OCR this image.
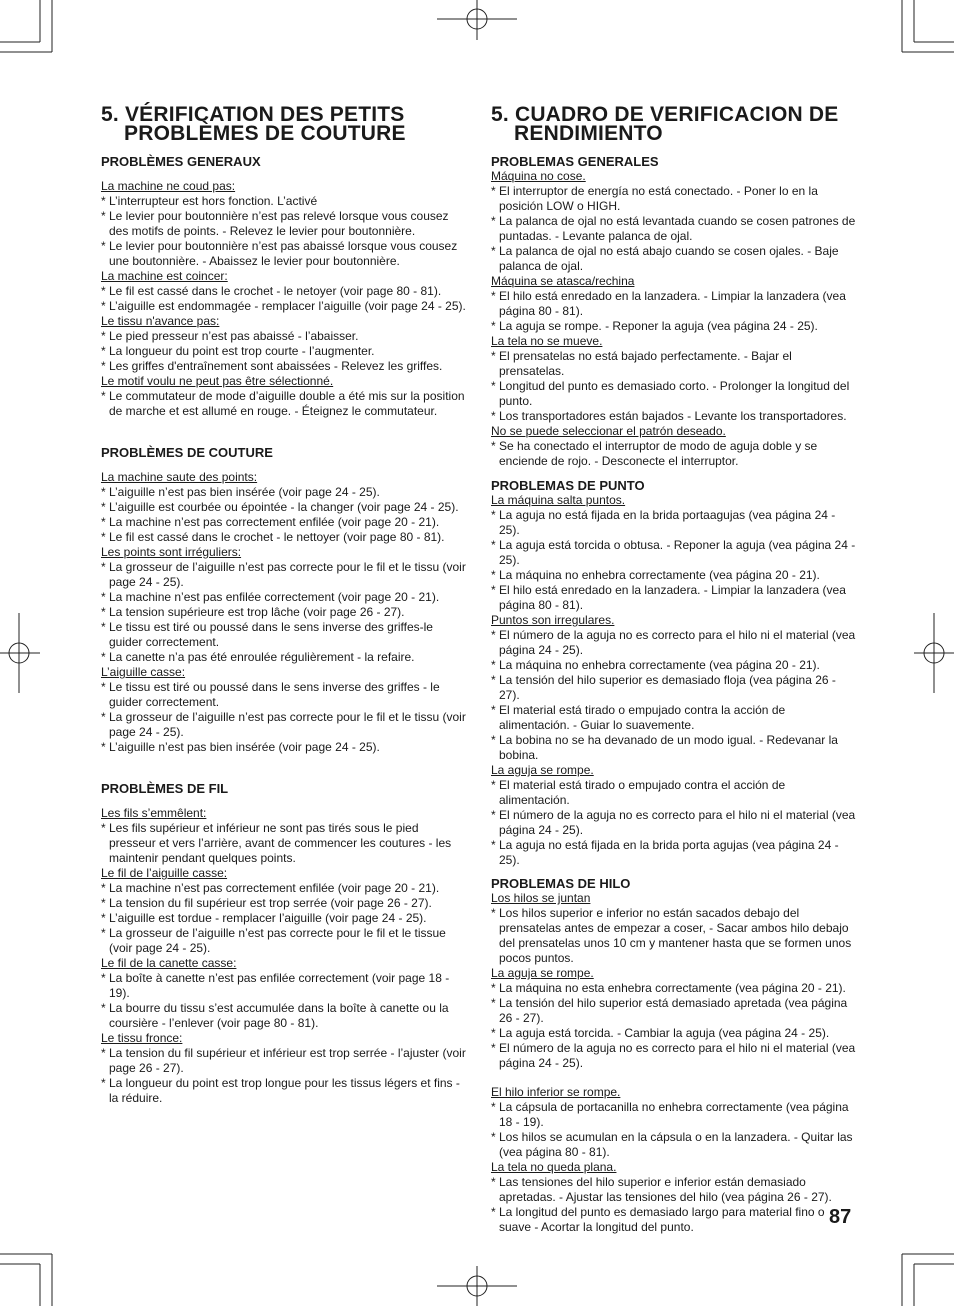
5. VÉRIFICATION DES PETITS
PROBLÈMES DE COUTURE
PROBLÈMES GENERAUX
La machine ne coud pas:
* L’interrupteur est hors fonction. L’activé
* Le levier pour boutonnière n’est pas relevé lorsque vous cousez des motifs de points. - Relevez le levier pour boutonnière.
* Le levier pour boutonnière n’est pas abaissé lorsque vous cousez une boutonnière. - Abaissez le levier pour boutonnière.
La machine est coincer:
* Le fil est cassé dans le crochet - le netoyer (voir page 80 - 81).
* L’aiguille est endommagée - remplacer l’aiguille (voir page 24 - 25).
Le tissu n'avance pas:
* Le pied presseur n’est pas abaissé - l’abaisser.
* La longueur du point est trop courte - l’augmenter.
* Les griffes d'entraînement sont abaissées - Relevez les griffes.
Le motif voulu ne peut pas être sélectionné.
* Le commutateur de mode d’aiguille double a été mis sur la position de marche et est allumé en rouge. - Éteignez le commutateur.
PROBLÈMES DE COUTURE
La machine saute des points:
* L’aiguille n’est pas bien insérée (voir page 24 - 25).
* L’aiguille est courbée ou épointée - la changer (voir page 24 - 25).
* La machine n’est pas correctement enfilée (voir page 20 - 21).
* Le fil est cassé dans le crochet - le nettoyer (voir page 80 - 81).
Les points sont irréguliers:
* La grosseur de l’aiguille n’est pas correcte pour le fil et le tissu (voir page 24 - 25).
* La machine n’est pas enfilée correctement (voir page 20 - 21).
* La tension supérieure est trop lâche (voir page 26 - 27).
* Le tissu est tiré ou poussé dans le sens inverse des griffes-le guider correctement.
* La canette n’a pas été enroulée régulièrement - la refaire.
L’aiguille casse:
* Le tissu est tiré ou poussé dans le sens inverse des griffes - le guider correctement.
* La grosseur de l’aiguille n’est pas correcte pour le fil et le tissu (voir page 24 - 25).
* L’aiguille n’est pas bien insérée (voir page 24 - 25).
PROBLÈMES DE FIL
Les fils s’emmêlent:
* Les fils supérieur et inférieur ne sont pas tirés sous le pied presseur et vers l’arrière, avant de commencer les coutures - les maintenir pendant quelques points.
Le fil de l’aiguille casse:
* La machine n’est pas correctement enfilée (voir page 20 - 21).
* La tension du fil supérieur est trop serrée (voir page 26 - 27).
* L’aiguille est tordue - remplacer l’aiguille (voir page 24 - 25).
* La grosseur de l’aiguille n’est pas correcte pour le fil et le tissue (voir page 24 - 25).
Le fil de la canette casse:
* La boîte à canette n’est pas enfilée correctement (voir page 18 - 19).
* La bourre du tissu s’est accumulée dans la boîte à canette ou la coursière - l’enlever (voir page 80 - 81).
Le tissu fronce:
* La tension du fil supérieur et inférieur est trop serrée - l’ajuster (voir page 26 - 27).
* La longueur du point est trop longue pour les tissus légers et fins - la réduire.
5. CUADRO DE VERIFICACION DE
RENDIMIENTO
PROBLEMAS GENERALES
Máquina no cose.
* El interruptor de energía no está conectado. - Poner lo en la posición LOW o HIGH.
* La palanca de ojal no está levantada cuando se cosen patrones de puntadas. - Levante palanca de ojal.
* La palanca de ojal no está abajo cuando se cosen ojales. - Baje palanca de ojal.
Máquina se atasca/rechina
* El hilo está enredado en la lanzadera. - Limpiar la lanzadera (vea página 80 - 81).
* La aguja se rompe. - Reponer la aguja (vea página 24 - 25).
La tela no se mueve.
* El prensatelas no está bajado perfectamente. - Bajar el prensatelas.
* Longitud del punto es demasiado corto. - Prolonger la longitud del punto.
* Los transportadores están bajados - Levante los transportadores.
No se puede seleccionar el patrón deseado.
* Se ha conectado el interruptor de modo de aguja doble y se enciende de rojo. - Desconecte el interruptor.
PROBLEMAS DE PUNTO
La máquina salta puntos.
* La aguja no está fijada en la brida portaagujas (vea página 24 - 25).
* La aguja está torcida o obtusa. - Reponer la aguja (vea página 24 - 25).
* La máquina no enhebra correctamente (vea página 20 - 21).
* El hilo está enredado en la lanzadera. - Limpiar la lanzadera (vea página 80 - 81).
Puntos son irregulares.
* El número de la aguja no es correcto para el hilo ni el material (vea página 24 - 25).
* La máquina no enhebra correctamente (vea página 20 - 21).
* La tensión del hilo superior es demasiado floja (vea página 26 - 27).
* El material está tirado o empujado contra la acción de alimentación. - Guiar lo suavemente.
* La bobina no se ha devanado de un modo igual. - Redevanar la bobina.
La aguja se rompe.
* El material está tirado o empujado contra el acción de alimentación.
* El número de la aguja no es correcto para el hilo ni el material (vea página 24 - 25).
* La aguja no está fijada en la brida porta agujas (vea página 24 - 25).
PROBLEMAS DE HILO
Los hilos se juntan
* Los hilos superior e inferior no están sacados debajo del prensatelas antes de empezar a coser, - Sacar ambos hilo debajo del prensatelas unos 10 cm y mantener hasta que se formen unos pocos puntos.
La aguja se rompe.
* La máquina no esta enhebra correctamente (vea página 20 - 21).
* La tensión del hilo superior está demasiado apretada (vea página 26 - 27).
* La aguja está torcida. - Cambiar la aguja (vea página 24 - 25).
* El número de la aguja no es correcto para el hilo ni el material (vea página 24 - 25).
El hilo inferior se rompe.
* La cápsula de portacanilla no enhebra correctamente (vea página 18 - 19).
* Los hilos se acumulan en la cápsula o en la lanzadera. - Quitar las (vea página 80 - 81).
La tela no queda plana.
* Las tensiones del hilo superior e inferior están demasiado apretadas. - Ajustar las tensiones del hilo (vea página 26 - 27).
* La longitud del punto es demasiado largo para material fino o suave - Acortar la longitud del punto.	87
